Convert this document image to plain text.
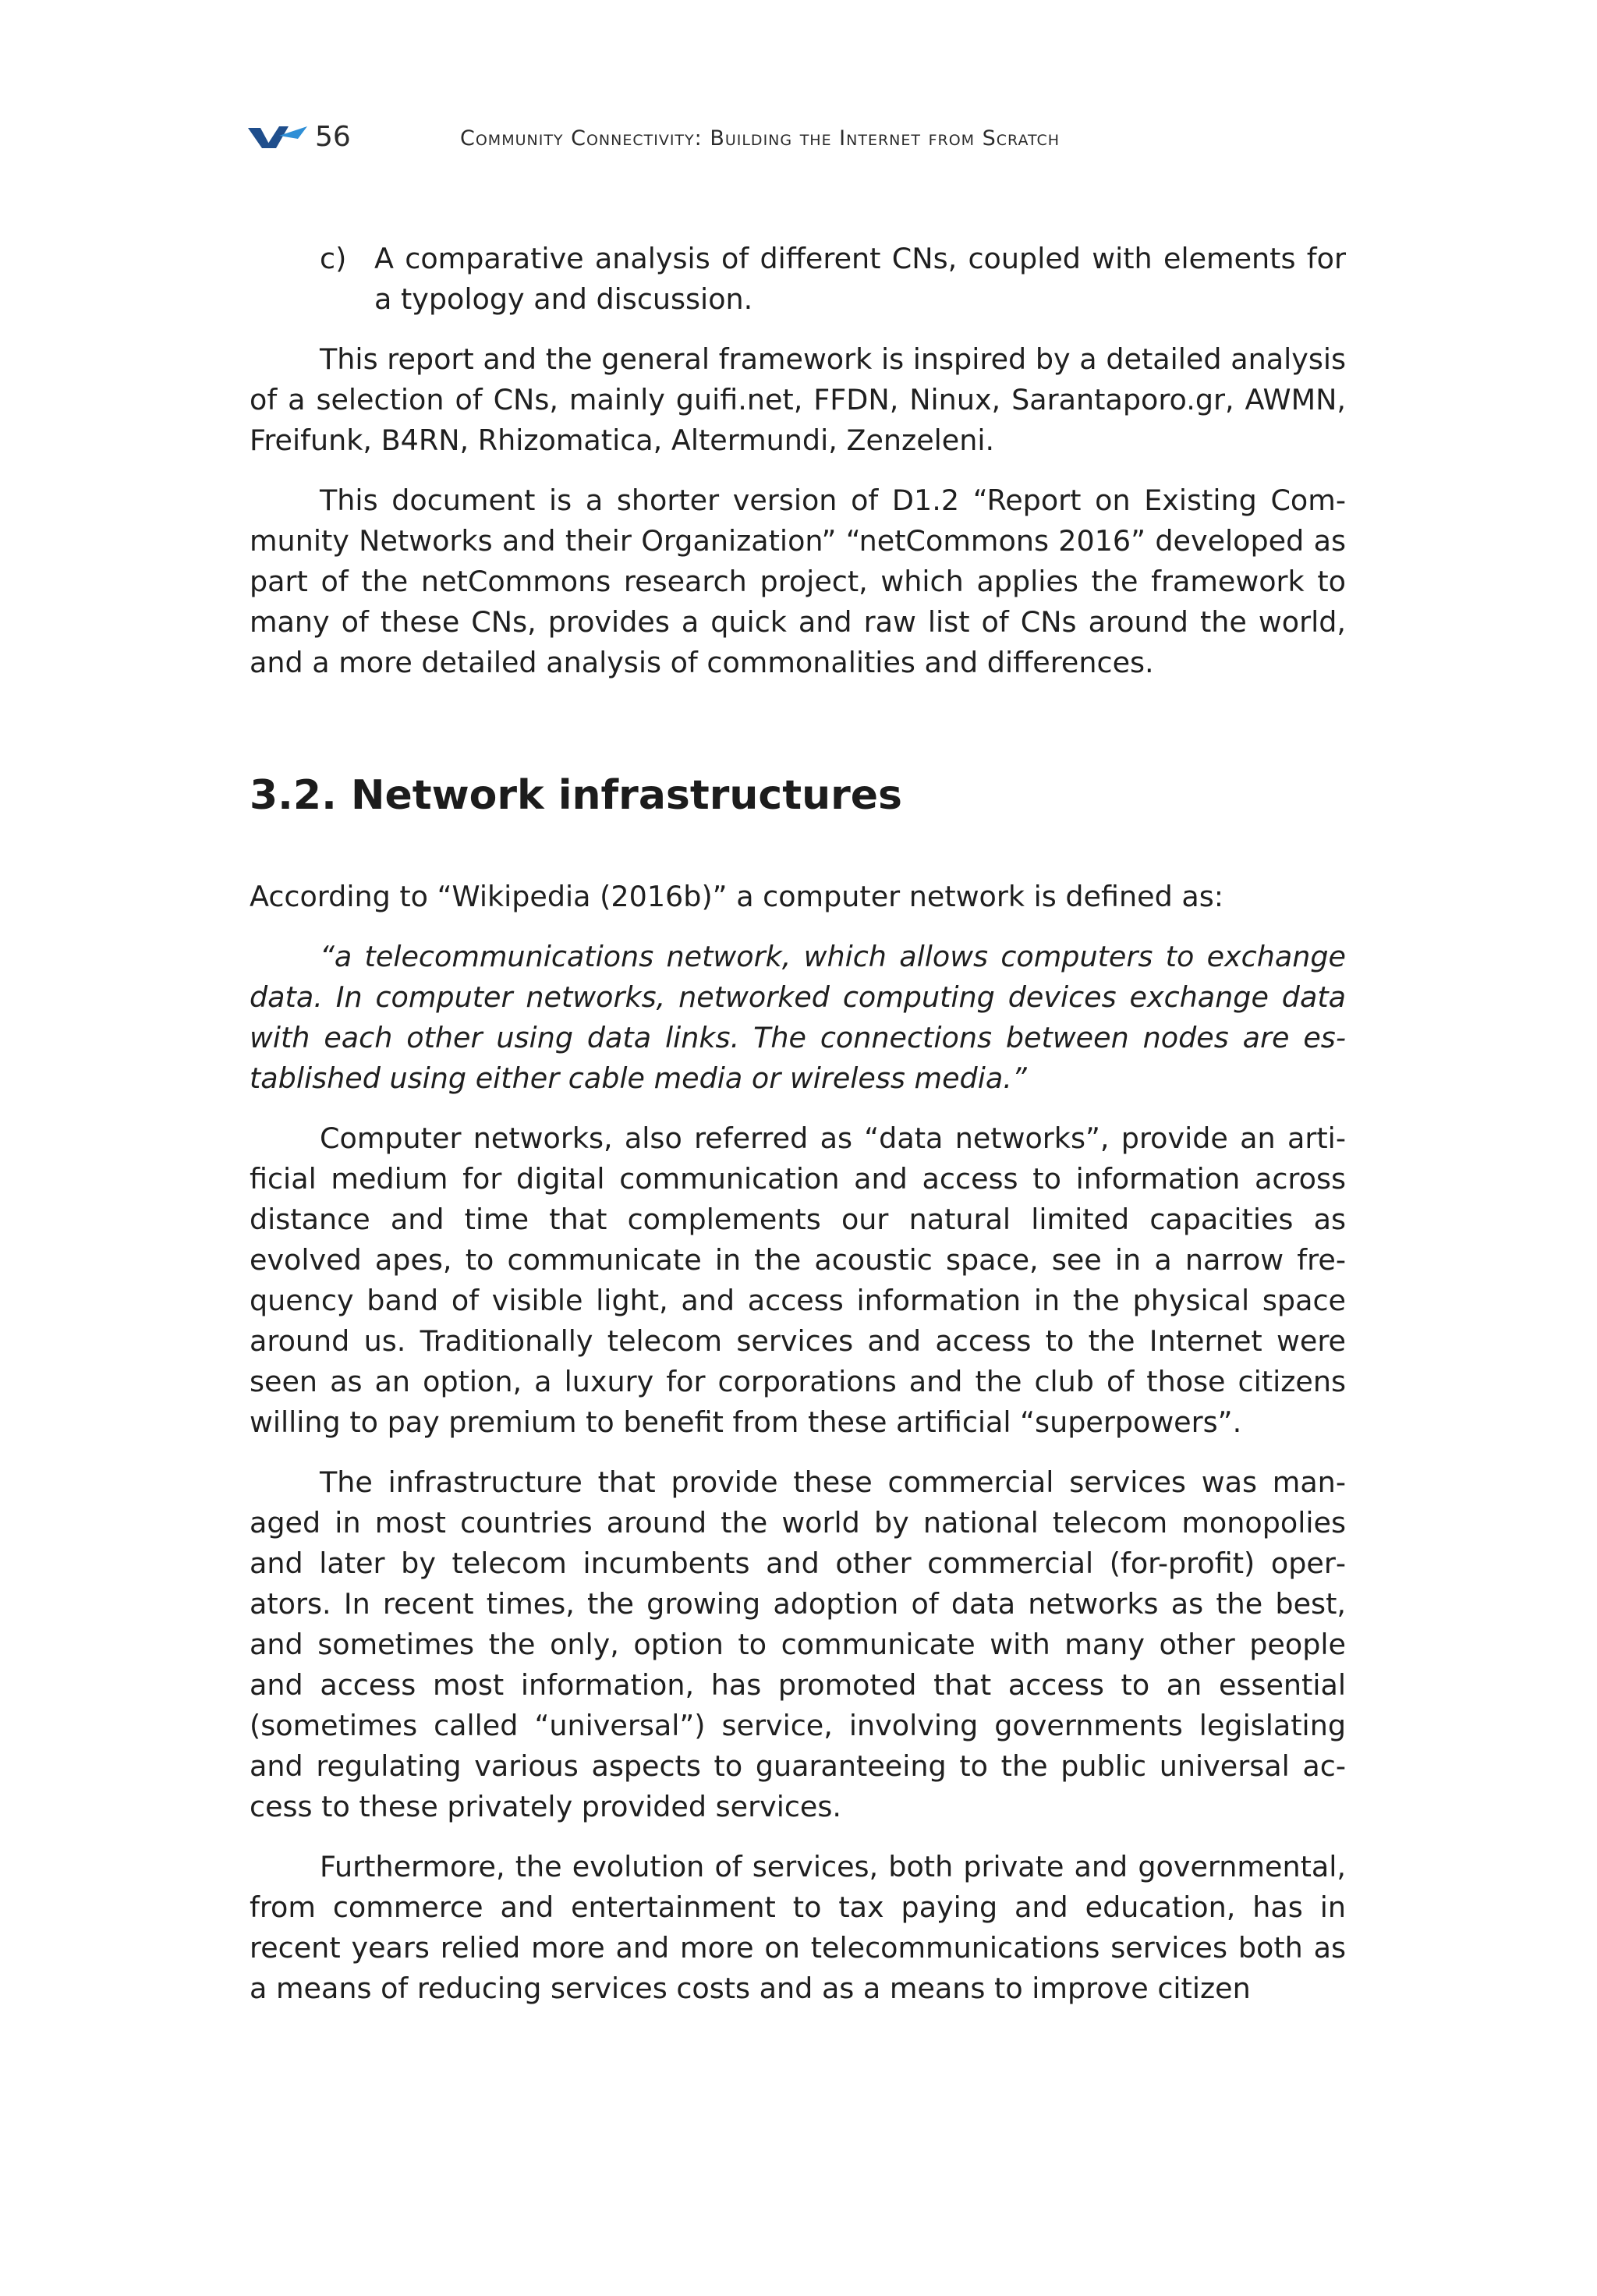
56	Community Connectivity: Building the Internet from Scratch
c) A comparative analysis of different CNs, coupled with elements for a typology and discussion.

This report and the general framework is inspired by a detailed analysis of a selection of CNs, mainly guifi.net, FFDN, Ninux, Sarantaporo.gr, AWMN, Freifunk, B4RN, Rhizomatica, Altermundi, Zenzeleni.

This document is a shorter version of D1.2 “Report on Existing Community Networks and their Organization” “netCommons 2016” developed as part of the netCommons research project, which applies the framework to many of these CNs, provides a quick and raw list of CNs around the world, and a more detailed analysis of commonalities and differences.

3.2. Network infrastructures

According to “Wikipedia (2016b)” a computer network is defined as:

“a telecommunications network, which allows computers to exchange data. In computer networks, networked computing devices exchange data with each other using data links. The connections between nodes are established using either cable media or wireless media.”

Computer networks, also referred as “data networks”, provide an artificial medium for digital communication and access to information across distance and time that complements our natural limited capacities as evolved apes, to communicate in the acoustic space, see in a narrow frequency band of visible light, and access information in the physical space around us. Traditionally telecom services and access to the Internet were seen as an option, a luxury for corporations and the club of those citizens willing to pay premium to benefit from these artificial “superpowers”.

The infrastructure that provide these commercial services was managed in most countries around the world by national telecom monopolies and later by telecom incumbents and other commercial (for-profit) operators. In recent times, the growing adoption of data networks as the best, and sometimes the only, option to communicate with many other people and access most information, has promoted that access to an essential (sometimes called “universal”) service, involving governments legislating and regulating various aspects to guaranteeing to the public universal access to these privately provided services.

Furthermore, the evolution of services, both private and governmental, from commerce and entertainment to tax paying and education, has in recent years relied more and more on telecommunications services both as a means of reducing services costs and as a means to improve citizen
